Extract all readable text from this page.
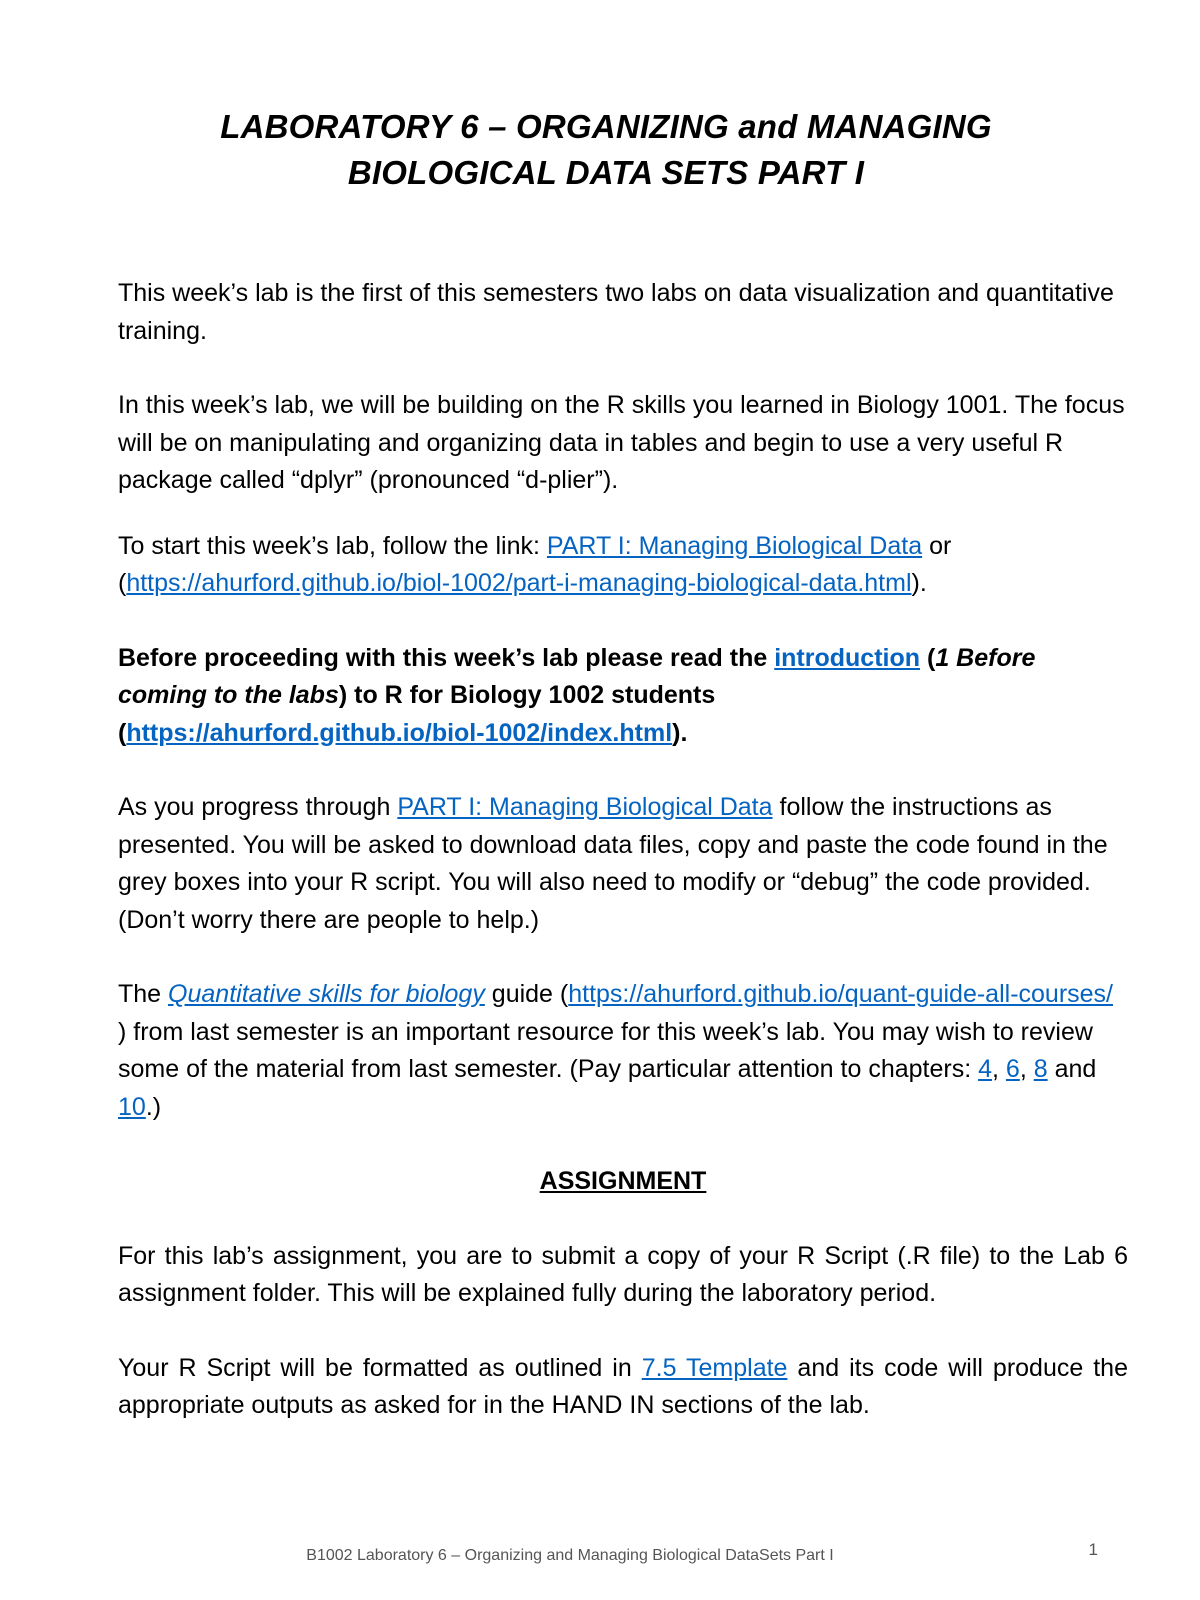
LABORATORY 6 – ORGANIZING and MANAGING
BIOLOGICAL DATA SETS PART I

This week’s lab is the first of this semesters two labs on data visualization and quantitative training.

In this week’s lab, we will be building on the R skills you learned in Biology 1001. The focus will be on manipulating and organizing data in tables and begin to use a very useful R package called “dplyr” (pronounced “d-plier”).

To start this week’s lab, follow the link: PART I: Managing Biological Data or
(https://ahurford.github.io/biol-1002/part-i-managing-biological-data.html).

Before proceeding with this week’s lab please read the introduction (1 Before coming to the labs) to R for Biology 1002 students
(https://ahurford.github.io/biol-1002/index.html).

As you progress through PART I: Managing Biological Data follow the instructions as presented. You will be asked to download data files, copy and paste the code found in the grey boxes into your R script. You will also need to modify or “debug” the code provided. (Don’t worry there are people to help.)

The Quantitative skills for biology guide (https://ahurford.github.io/quant-guide-all-courses/ ) from last semester is an important resource for this week’s lab. You may wish to review some of the material from last semester. (Pay particular attention to chapters: 4, 6, 8 and 10.)

ASSIGNMENT

For this lab’s assignment, you are to submit a copy of your R Script (.R file) to the Lab 6 assignment folder. This will be explained fully during the laboratory period.

Your R Script will be formatted as outlined in 7.5 Template and its code will produce the appropriate outputs as asked for in the HAND IN sections of the lab.

B1002 Laboratory 6 – Organizing and Managing Biological DataSets Part I	1
